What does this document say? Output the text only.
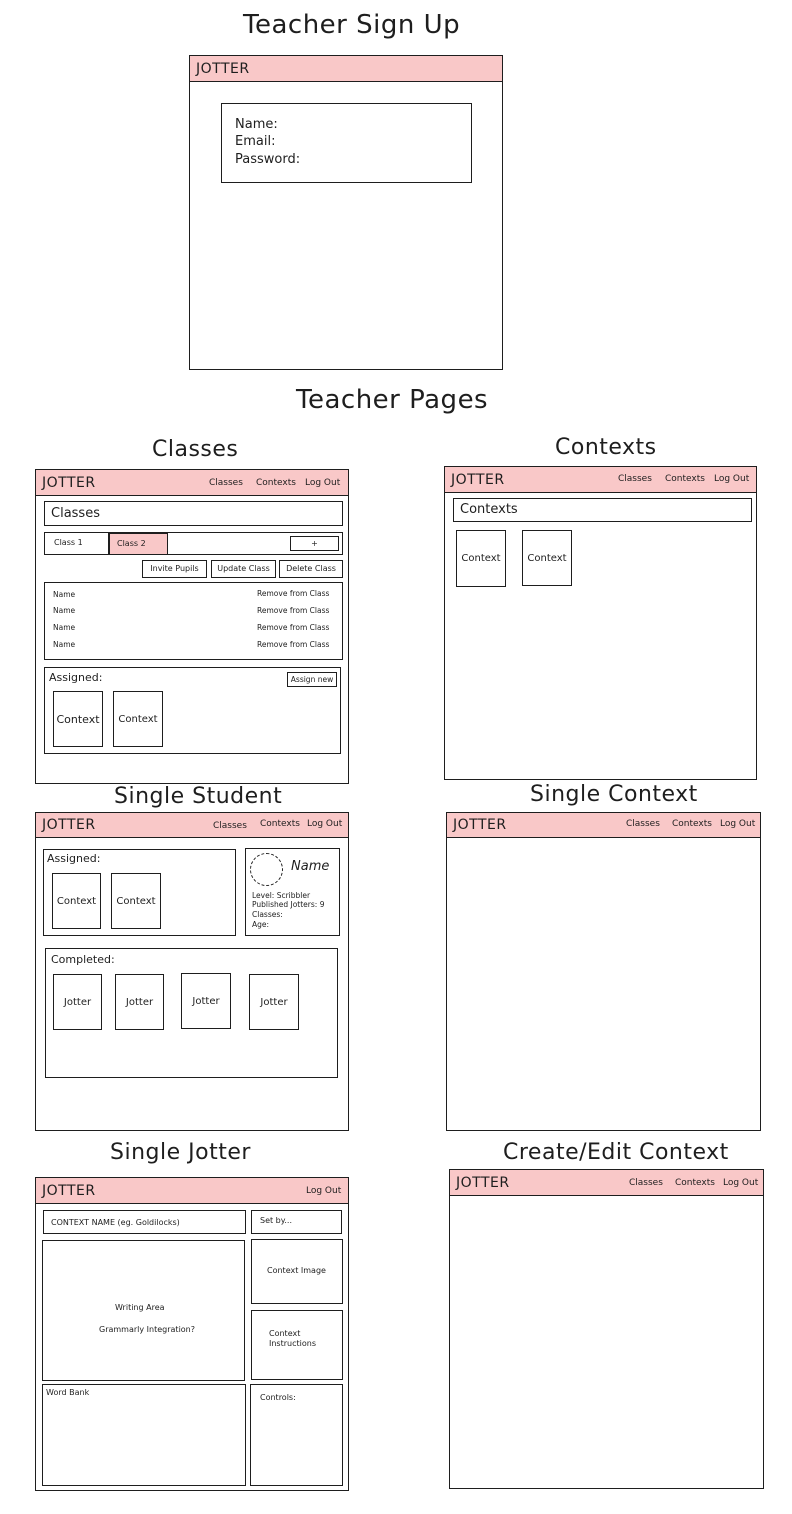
Teacher Sign Up
JOTTER
Name:
Email:
Password:
Teacher Pages
Classes
JOTTER	Classes Contexts Log Out
Classes
Class 1	Class 2	+
Invite Pupils	Update Class	Delete Class
Name	Remove from Class
Name	Remove from Class
Name	Remove from Class
Name	Remove from Class
Assigned:	Assign new
Context	Context
Contexts
JOTTER	Classes Contexts Log Out
Contexts
Context	Context
Single Student
JOTTER	Classes Contexts Log Out
Assigned:
Context	Context
Name
Level: Scribbler
Published Jotters: 9
Classes:
Age:
Completed:
Jotter	Jotter	Jotter	Jotter
Single Context
JOTTER	Classes Contexts Log Out
Single Jotter
JOTTER	Log Out
CONTEXT NAME (eg. Goldilocks)	Set by...
Writing Area
Grammarly Integration?
Context Image
Context
Instructions
Word Bank
Controls:
Create/Edit Context
JOTTER	Classes Contexts Log Out
